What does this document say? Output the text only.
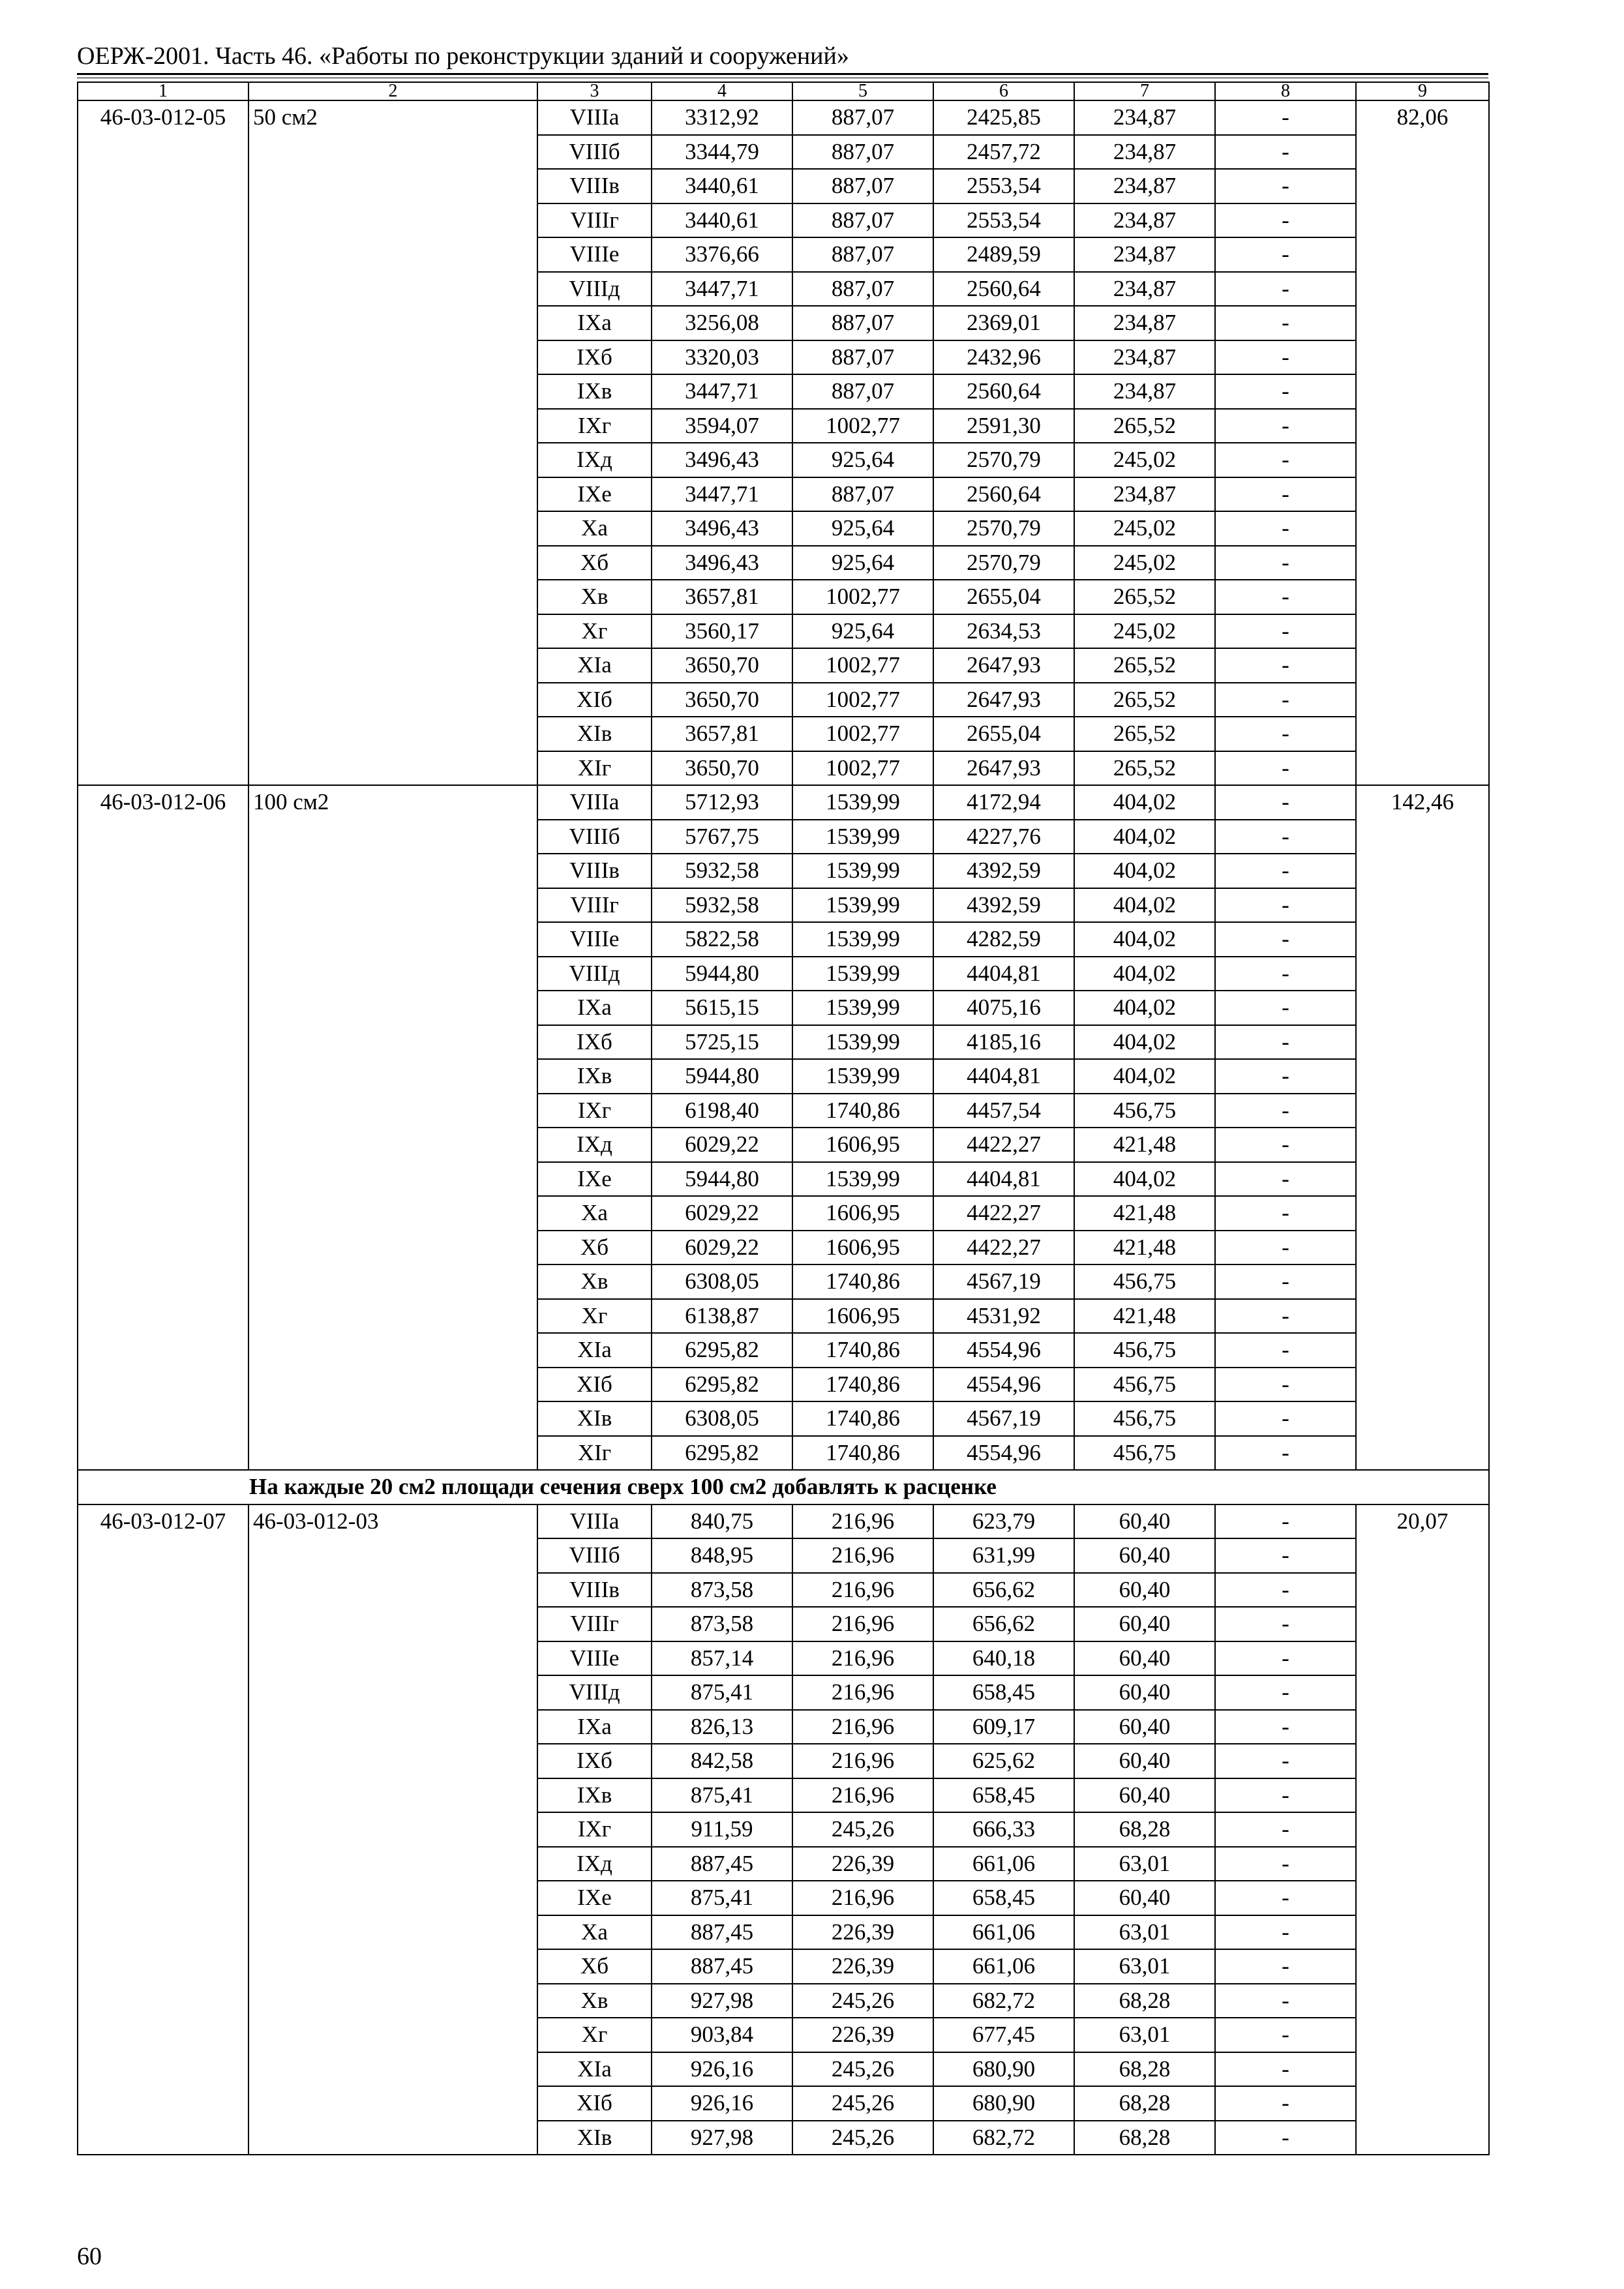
ОЕРЖ-2001. Часть 46. «Работы по реконструкции зданий и сооружений»
1	2	3	4	5	6	7	8	9
46-03-012-05	50 см2	VIIIa	3312,92	887,07	2425,85	234,87	-	82,06
		VIIIб	3344,79	887,07	2457,72	234,87	-	
		VIIIв	3440,61	887,07	2553,54	234,87	-	
		VIIIг	3440,61	887,07	2553,54	234,87	-	
		VIIIe	3376,66	887,07	2489,59	234,87	-	
		VIIIд	3447,71	887,07	2560,64	234,87	-	
		IXa	3256,08	887,07	2369,01	234,87	-	
		IXб	3320,03	887,07	2432,96	234,87	-	
		IXв	3447,71	887,07	2560,64	234,87	-	
		IXг	3594,07	1002,77	2591,30	265,52	-	
		IXд	3496,43	925,64	2570,79	245,02	-	
		IXe	3447,71	887,07	2560,64	234,87	-	
		Xa	3496,43	925,64	2570,79	245,02	-	
		Xб	3496,43	925,64	2570,79	245,02	-	
		Xв	3657,81	1002,77	2655,04	265,52	-	
		Xг	3560,17	925,64	2634,53	245,02	-	
		XIa	3650,70	1002,77	2647,93	265,52	-	
		XIб	3650,70	1002,77	2647,93	265,52	-	
		XIв	3657,81	1002,77	2655,04	265,52	-	
		XIг	3650,70	1002,77	2647,93	265,52	-	
46-03-012-06	100 см2	VIIIa	5712,93	1539,99	4172,94	404,02	-	142,46
		VIIIб	5767,75	1539,99	4227,76	404,02	-	
		VIIIв	5932,58	1539,99	4392,59	404,02	-	
		VIIIг	5932,58	1539,99	4392,59	404,02	-	
		VIIIe	5822,58	1539,99	4282,59	404,02	-	
		VIIIд	5944,80	1539,99	4404,81	404,02	-	
		IXa	5615,15	1539,99	4075,16	404,02	-	
		IXб	5725,15	1539,99	4185,16	404,02	-	
		IXв	5944,80	1539,99	4404,81	404,02	-	
		IXг	6198,40	1740,86	4457,54	456,75	-	
		IXд	6029,22	1606,95	4422,27	421,48	-	
		IXe	5944,80	1539,99	4404,81	404,02	-	
		Xa	6029,22	1606,95	4422,27	421,48	-	
		Xб	6029,22	1606,95	4422,27	421,48	-	
		Xв	6308,05	1740,86	4567,19	456,75	-	
		Xг	6138,87	1606,95	4531,92	421,48	-	
		XIa	6295,82	1740,86	4554,96	456,75	-	
		XIб	6295,82	1740,86	4554,96	456,75	-	
		XIв	6308,05	1740,86	4567,19	456,75	-	
		XIг	6295,82	1740,86	4554,96	456,75	-	
На каждые 20 см2 площади сечения сверх 100 см2 добавлять к расценке								
46-03-012-07	46-03-012-03	VIIIa	840,75	216,96	623,79	60,40	-	20,07
		VIIIб	848,95	216,96	631,99	60,40	-	
		VIIIв	873,58	216,96	656,62	60,40	-	
		VIIIг	873,58	216,96	656,62	60,40	-	
		VIIIe	857,14	216,96	640,18	60,40	-	
		VIIIд	875,41	216,96	658,45	60,40	-	
		IXa	826,13	216,96	609,17	60,40	-	
		IXб	842,58	216,96	625,62	60,40	-	
		IXв	875,41	216,96	658,45	60,40	-	
		IXг	911,59	245,26	666,33	68,28	-	
		IXд	887,45	226,39	661,06	63,01	-	
		IXe	875,41	216,96	658,45	60,40	-	
		Xa	887,45	226,39	661,06	63,01	-	
		Xб	887,45	226,39	661,06	63,01	-	
		Xв	927,98	245,26	682,72	68,28	-	
		Xг	903,84	226,39	677,45	63,01	-	
		XIa	926,16	245,26	680,90	68,28	-	
		XIб	926,16	245,26	680,90	68,28	-	
		XIв	927,98	245,26	682,72	68,28	-	
60
